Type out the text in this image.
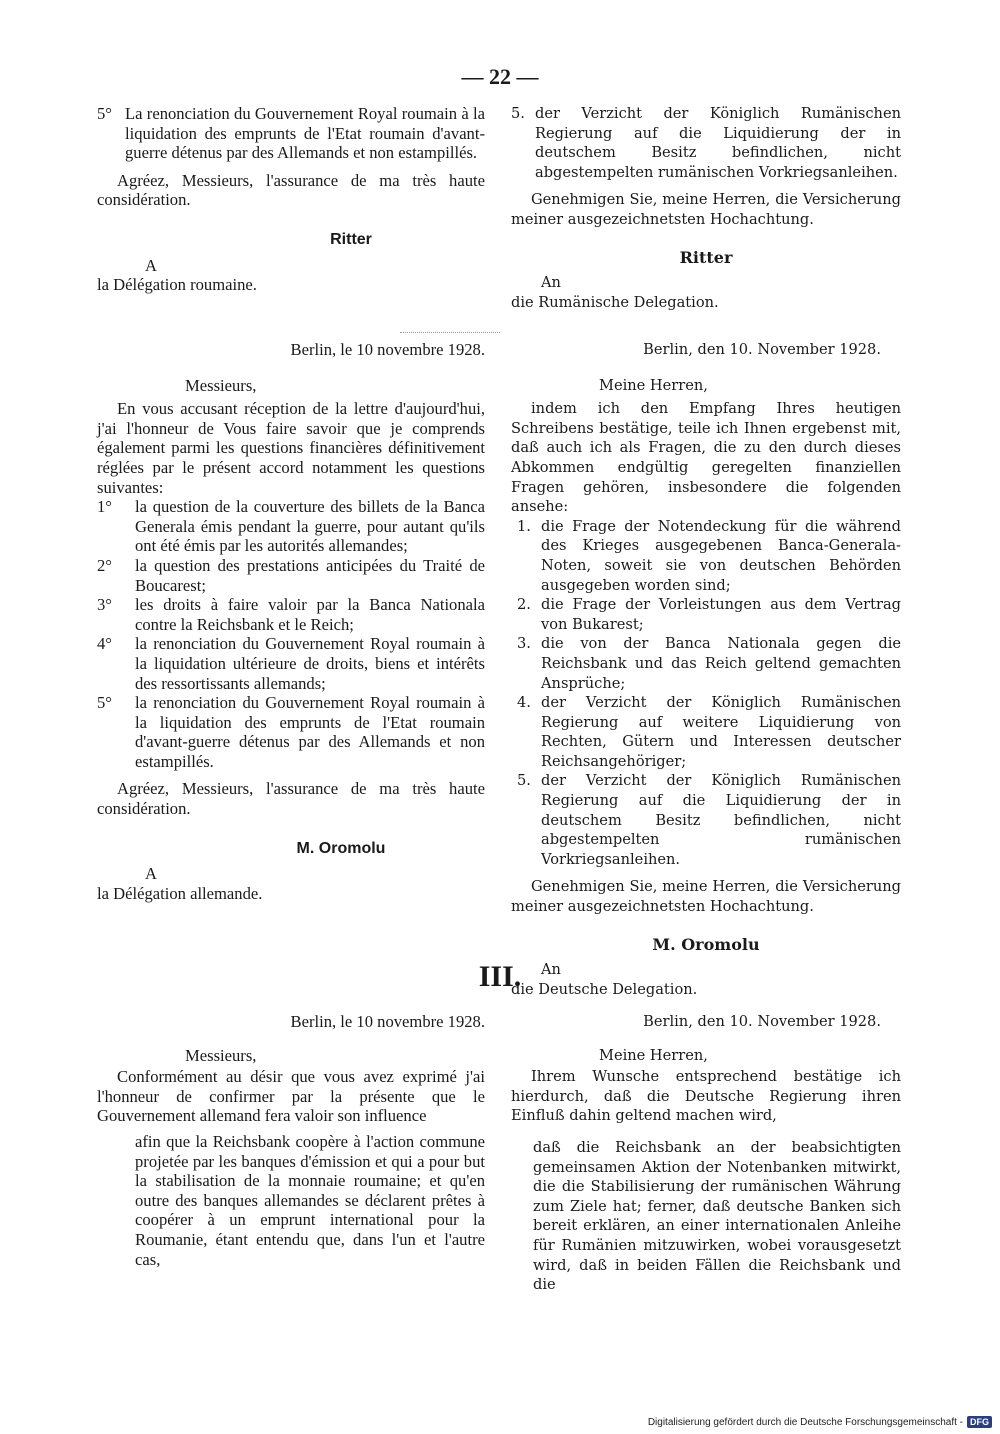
— 22 —

5° La renonciation du Gouvernement Royal roumain à la liquidation des emprunts de l'Etat roumain d'avant-guerre détenus par des Allemands et non estampillés.

Agréez, Messieurs, l'assurance de ma très haute considération.

Ritter

A

la Délégation roumaine.

5. der Verzicht der Königlich Rumänischen Regierung auf die Liquidierung der in deutschem Besitz befindlichen, nicht abgestempelten rumänischen Vorkriegsanleihen.

Genehmigen Sie, meine Herren, die Versicherung meiner ausgezeichnetsten Hochachtung.

Ritter

An

die Rumänische Delegation.

Berlin, le 10 novembre 1928.

Messieurs,

En vous accusant réception de la lettre d'aujourd'hui, j'ai l'honneur de Vous faire savoir que je comprends également parmi les questions financières définitivement réglées par le présent accord notamment les questions suivantes:

1° la question de la couverture des billets de la Banca Generala émis pendant la guerre, pour autant qu'ils ont été émis par les autorités allemandes;

2° la question des prestations anticipées du Traité de Boucarest;

3° les droits à faire valoir par la Banca Nationala contre la Reichsbank et le Reich;

4° la renonciation du Gouvernement Royal roumain à la liquidation ultérieure de droits, biens et intérêts des ressortissants allemands;

5° la renonciation du Gouvernement Royal roumain à la liquidation des emprunts de l'Etat roumain d'avant-guerre détenus par des Allemands et non estampillés.

Agréez, Messieurs, l'assurance de ma très haute considération.

M. Oromolu

A

la Délégation allemande.

Berlin, den 10. November 1928.

Meine Herren,

indem ich den Empfang Ihres heutigen Schreibens bestätige, teile ich Ihnen ergebenst mit, daß auch ich als Fragen, die zu den durch dieses Abkommen endgültig geregelten finanziellen Fragen gehören, insbesondere die folgenden ansehe:

1. die Frage der Notendeckung für die während des Krieges ausgegebenen Banca-Generala-Noten, soweit sie von deutschen Behörden ausgegeben worden sind;

2. die Frage der Vorleistungen aus dem Vertrag von Bukarest;

3. die von der Banca Nationala gegen die Reichsbank und das Reich geltend gemachten Ansprüche;

4. der Verzicht der Königlich Rumänischen Regierung auf weitere Liquidierung von Rechten, Gütern und Interessen deutscher Reichsangehöriger;

5. der Verzicht der Königlich Rumänischen Regierung auf die Liquidierung der in deutschem Besitz befindlichen, nicht abgestempelten rumänischen Vorkriegsanleihen.

Genehmigen Sie, meine Herren, die Versicherung meiner ausgezeichnetsten Hochachtung.

M. Oromolu

An

die Deutsche Delegation.

III.

Berlin, le 10 novembre 1928.

Messieurs,

Conformément au désir que vous avez exprimé j'ai l'honneur de confirmer par la présente que le Gouvernement allemand fera valoir son influence

afin que la Reichsbank coopère à l'action commune projetée par les banques d'émission et qui a pour but la stabilisation de la monnaie roumaine; et qu'en outre des banques allemandes se déclarent prêtes à coopérer à un emprunt international pour la Roumanie, étant entendu que, dans l'un et l'autre cas,

Berlin, den 10. November 1928.

Meine Herren,

Ihrem Wunsche entsprechend bestätige ich hierdurch, daß die Deutsche Regierung ihren Einfluß dahin geltend machen wird,

daß die Reichsbank an der beabsichtigten gemeinsamen Aktion der Notenbanken mitwirkt, die die Stabilisierung der rumänischen Währung zum Ziele hat; ferner, daß deutsche Banken sich bereit erklären, an einer internationalen Anleihe für Rumänien mitzuwirken, wobei vorausgesetzt wird, daß in beiden Fällen die Reichsbank und die

Digitalisierung gefördert durch die Deutsche Forschungsgemeinschaft - DFG
